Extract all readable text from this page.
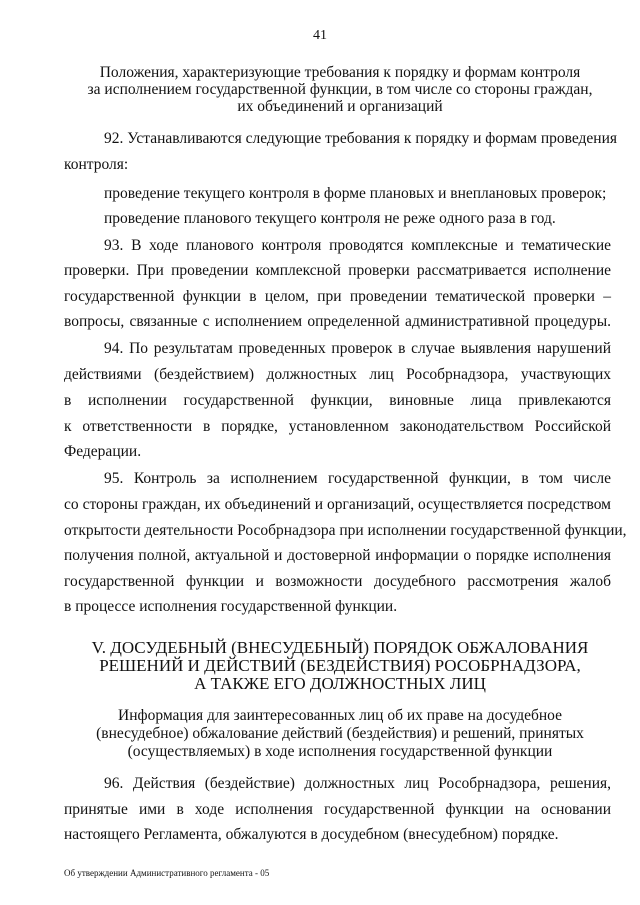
41
Положения, характеризующие требования к порядку и формам контроля
за исполнением государственной функции, в том числе со стороны граждан,
их объединений и организаций
92. Устанавливаются следующие требования к порядку и формам проведения
контроля:
проведение текущего контроля в форме плановых и внеплановых проверок;
проведение планового текущего контроля не реже одного раза в год.
93. В ходе планового контроля проводятся комплексные и тематические
проверки. При проведении комплексной проверки рассматривается исполнение
государственной функции в целом, при проведении тематической проверки –
вопросы, связанные с исполнением определенной административной процедуры.
94. По результатам проведенных проверок в случае выявления нарушений
действиями (бездействием) должностных лиц Рособрнадзора, участвующих
в исполнении государственной функции, виновные лица привлекаются
к ответственности в порядке, установленном законодательством Российской
Федерации.
95. Контроль за исполнением государственной функции, в том числе
со стороны граждан, их объединений и организаций, осуществляется посредством
открытости деятельности Рособрнадзора при исполнении государственной функции,
получения полной, актуальной и достоверной информации о порядке исполнения
государственной функции и возможности досудебного рассмотрения жалоб
в процессе исполнения государственной функции.
V. ДОСУДЕБНЫЙ (ВНЕСУДЕБНЫЙ) ПОРЯДОК ОБЖАЛОВАНИЯ
РЕШЕНИЙ И ДЕЙСТВИЙ (БЕЗДЕЙСТВИЯ) РОСОБРНАДЗОРА,
А ТАКЖЕ ЕГО ДОЛЖНОСТНЫХ ЛИЦ
Информация для заинтересованных лиц об их праве на досудебное
(внесудебное) обжалование действий (бездействия) и решений, принятых
(осуществляемых) в ходе исполнения государственной функции
96. Действия (бездействие) должностных лиц Рособрнадзора, решения,
принятые ими в ходе исполнения государственной функции на основании
настоящего Регламента, обжалуются в досудебном (внесудебном) порядке.
Об утверждении Административного регламента - 05
